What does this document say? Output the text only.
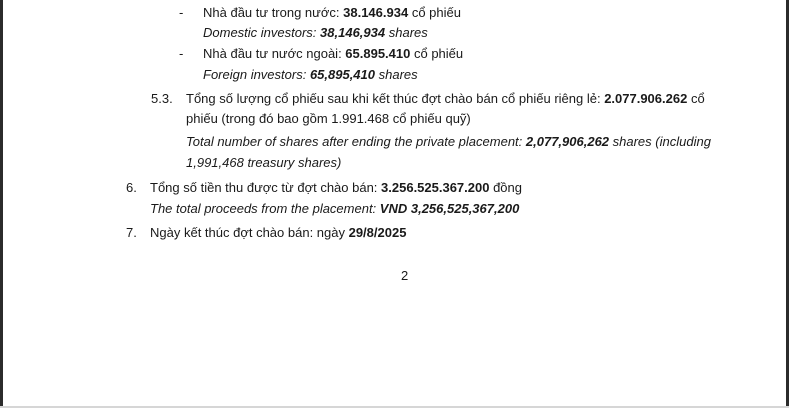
- Nhà đầu tư trong nước: 38.146.934 cổ phiếu
Domestic investors: 38,146,934 shares
- Nhà đầu tư nước ngoài: 65.895.410 cổ phiếu
Foreign investors: 65,895,410 shares
5.3. Tổng số lượng cổ phiếu sau khi kết thúc đợt chào bán cổ phiếu riêng lẻ: 2.077.906.262 cổ
phiếu (trong đó bao gồm 1.991.468 cổ phiếu quỹ)
Total number of shares after ending the private placement: 2,077,906,262 shares (including
1,991,468 treasury shares)
6. Tổng số tiền thu được từ đợt chào bán: 3.256.525.367.200 đồng
The total proceeds from the placement: VND 3,256,525,367,200
7. Ngày kết thúc đợt chào bán: ngày 29/8/2025
2
